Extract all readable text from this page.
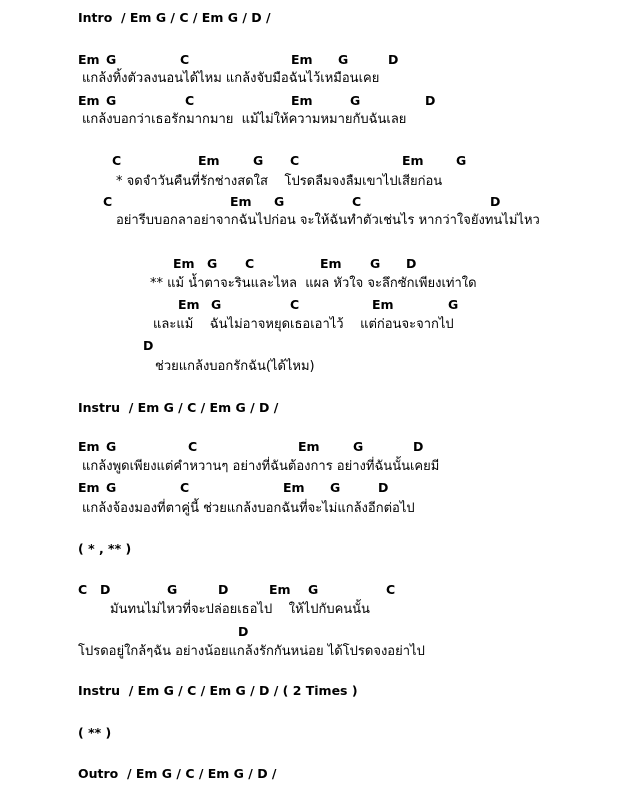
Intro  / Em G / C / Em G / D /
Em G	C	Em G	D
แกล้งทิ้งตัวลงนอนได้ไหม แกล้งจับมือฉันไว้เหมือนเคย
Em G	C	Em	G	D
แกล้งบอกว่าเธอรักมากมาย  แม้ไม่ให้ความหมายกับฉันเลย
C	Em	G C	Em	G
* จดจำวันคืนที่รักช่างสดใส    โปรดลืมจงลืมเขาไปเสียก่อน
C	Em G	C	D
อย่ารีบบอกลาอย่าจากฉันไปก่อน จะให้ฉันทำตัวเช่นไร หากว่าใจยังทนไม่ไหว
Em G C	Em G D
** แม้ น้ำตาจะรินและไหล  แผล หัวใจ จะลึกซักเพียงเท่าใด
Em G	C	Em	G
และแม้    ฉันไม่อาจหยุดเธอเอาไว้    แต่ก่อนจะจากไป
D
ช่วยแกล้งบอกรักฉัน(ได้ไหม)
Instru  / Em G / C / Em G / D /
Em G	C	Em	G	D
แกล้งพูดเพียงแต่คำหวานๆ อย่างที่ฉันต้องการ อย่างที่ฉันนั้นเคยมี
Em G	C	Em G	D
แกล้งจ้องมองที่ตาคู่นี้ ช่วยแกล้งบอกฉันที่จะไม่แกล้งอีกต่อไป
( * , ** )
C D	G	D	Em G	C
มันทนไม่ไหวที่จะปล่อยเธอไป    ให้ไปกับคนนั้น
D
โปรดอยู่ใกล้ๆฉัน อย่างน้อยแกล้งรักกันหน่อย ได้โปรดจงอย่าไป
Instru  / Em G / C / Em G / D / ( 2 Times )
( ** )
Outro  / Em G / C / Em G / D /
